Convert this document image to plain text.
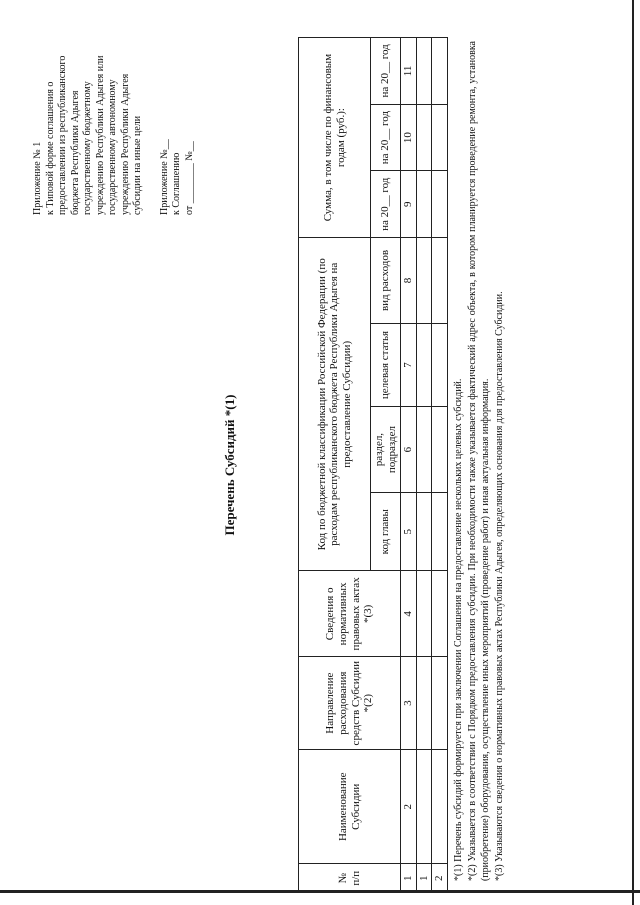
Приложение № 1 к Типовой форме соглашения о предоставлении из республиканского бюджета Республики Адыгея государственному бюджетному учреждению Республики Адыгея или государственному автономному учреждению Республики Адыгея субсидии на иные цели Приложение №__ к Соглашению от ________ №__

Перечень Субсидий *(1)
№ п/п	Наименование Субсидии	Направление расходования средств Субсидии *(2)	Сведения о нормативных правовых актах *(3)	Код по бюджетной классификации Российской Федерации (по расходам республиканского бюджета Республики Адыгея на предоставление Субсидии)				Сумма, в том числе по финансовым годам (руб.):		
				код главы	раздел, подраздел	целевая статья	вид расходов	на 20__ год	на 20__ год	на 20__ год
1	2	3	4	5	6	7	8	9	10	11
1										
2										*(1) Перечень субсидий формируется при заключении Соглашения на предоставление нескольких целевых субсидий. *(2) Указывается в соответствии с Порядком предоставления субсидии. При необходимости также указывается фактический адрес объекта, в котором планируется проведение ремонта, установка (приобретение) оборудования, осуществление иных мероприятий (проведение работ) и иная актуальная информация. *(3) Указываются сведения о нормативных правовых актах Республики Адыгея, определяющих основания для предоставления Субсидии.
